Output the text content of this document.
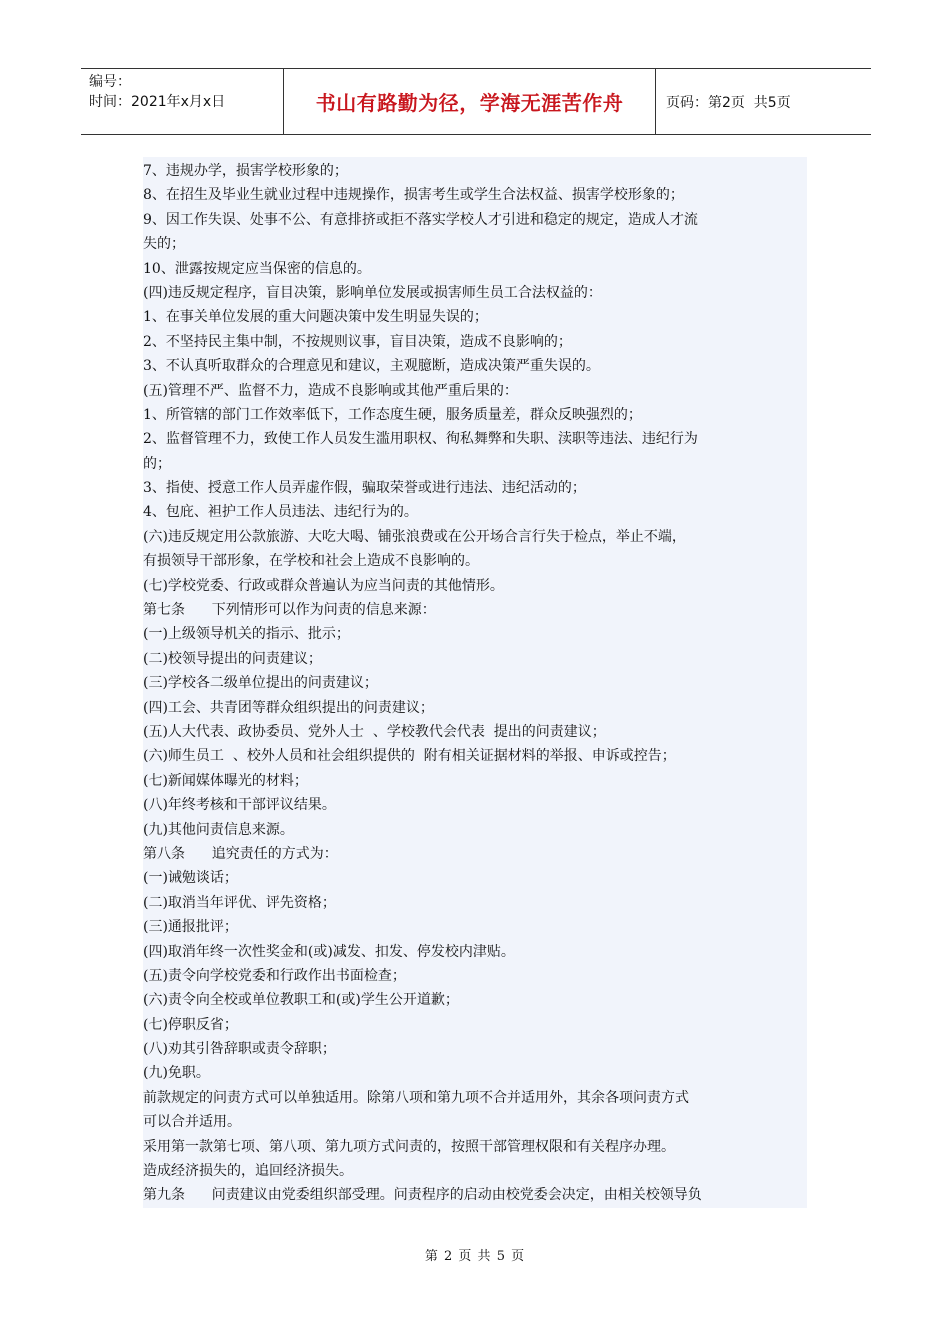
编号：
时间：2021年x月x日	书山有路勤为径，学海无涯苦作舟	页码：第2页  共5页
7、违规办学，损害学校形象的；
8、在招生及毕业生就业过程中违规操作，损害考生或学生合法权益、损害学校形象的；
9、因工作失误、处事不公、有意排挤或拒不落实学校人才引进和稳定的规定，造成人才流
失的；
10、泄露按规定应当保密的信息的。
(四)违反规定程序，盲目决策，影响单位发展或损害师生员工合法权益的：
1、在事关单位发展的重大问题决策中发生明显失误的；
2、不坚持民主集中制，不按规则议事，盲目决策，造成不良影响的；
3、不认真听取群众的合理意见和建议，主观臆断，造成决策严重失误的。
(五)管理不严、监督不力，造成不良影响或其他严重后果的：
1、所管辖的部门工作效率低下，工作态度生硬，服务质量差，群众反映强烈的；
2、监督管理不力，致使工作人员发生滥用职权、徇私舞弊和失职、渎职等违法、违纪行为
的；
3、指使、授意工作人员弄虚作假，骗取荣誉或进行违法、违纪活动的；
4、包庇、袒护工作人员违法、违纪行为的。
(六)违反规定用公款旅游、大吃大喝、铺张浪费或在公开场合言行失于检点，举止不端，
有损领导干部形象，在学校和社会上造成不良影响的。
(七)学校党委、行政或群众普遍认为应当问责的其他情形。
第七条      下列情形可以作为问责的信息来源：
(一)上级领导机关的指示、批示；
(二)校领导提出的问责建议；
(三)学校各二级单位提出的问责建议；
(四)工会、共青团等群众组织提出的问责建议；
(五)人大代表、政协委员、党外人士  、学校教代会代表  提出的问责建议；
(六)师生员工  、校外人员和社会组织提供的  附有相关证据材料的举报、申诉或控告；
(七)新闻媒体曝光的材料；
(八)年终考核和干部评议结果。
(九)其他问责信息来源。
第八条      追究责任的方式为：
(一)诫勉谈话；
(二)取消当年评优、评先资格；
(三)通报批评；
(四)取消年终一次性奖金和(或)减发、扣发、停发校内津贴。
(五)责令向学校党委和行政作出书面检查；
(六)责令向全校或单位教职工和(或)学生公开道歉；
(七)停职反省；
(八)劝其引咎辞职或责令辞职；
(九)免职。
前款规定的问责方式可以单独适用。除第八项和第九项不合并适用外，其余各项问责方式
可以合并适用。
采用第一款第七项、第八项、第九项方式问责的，按照干部管理权限和有关程序办理。
造成经济损失的，追回经济损失。
第九条      问责建议由党委组织部受理。问责程序的启动由校党委会决定，由相关校领导负
第 2 页 共 5 页
